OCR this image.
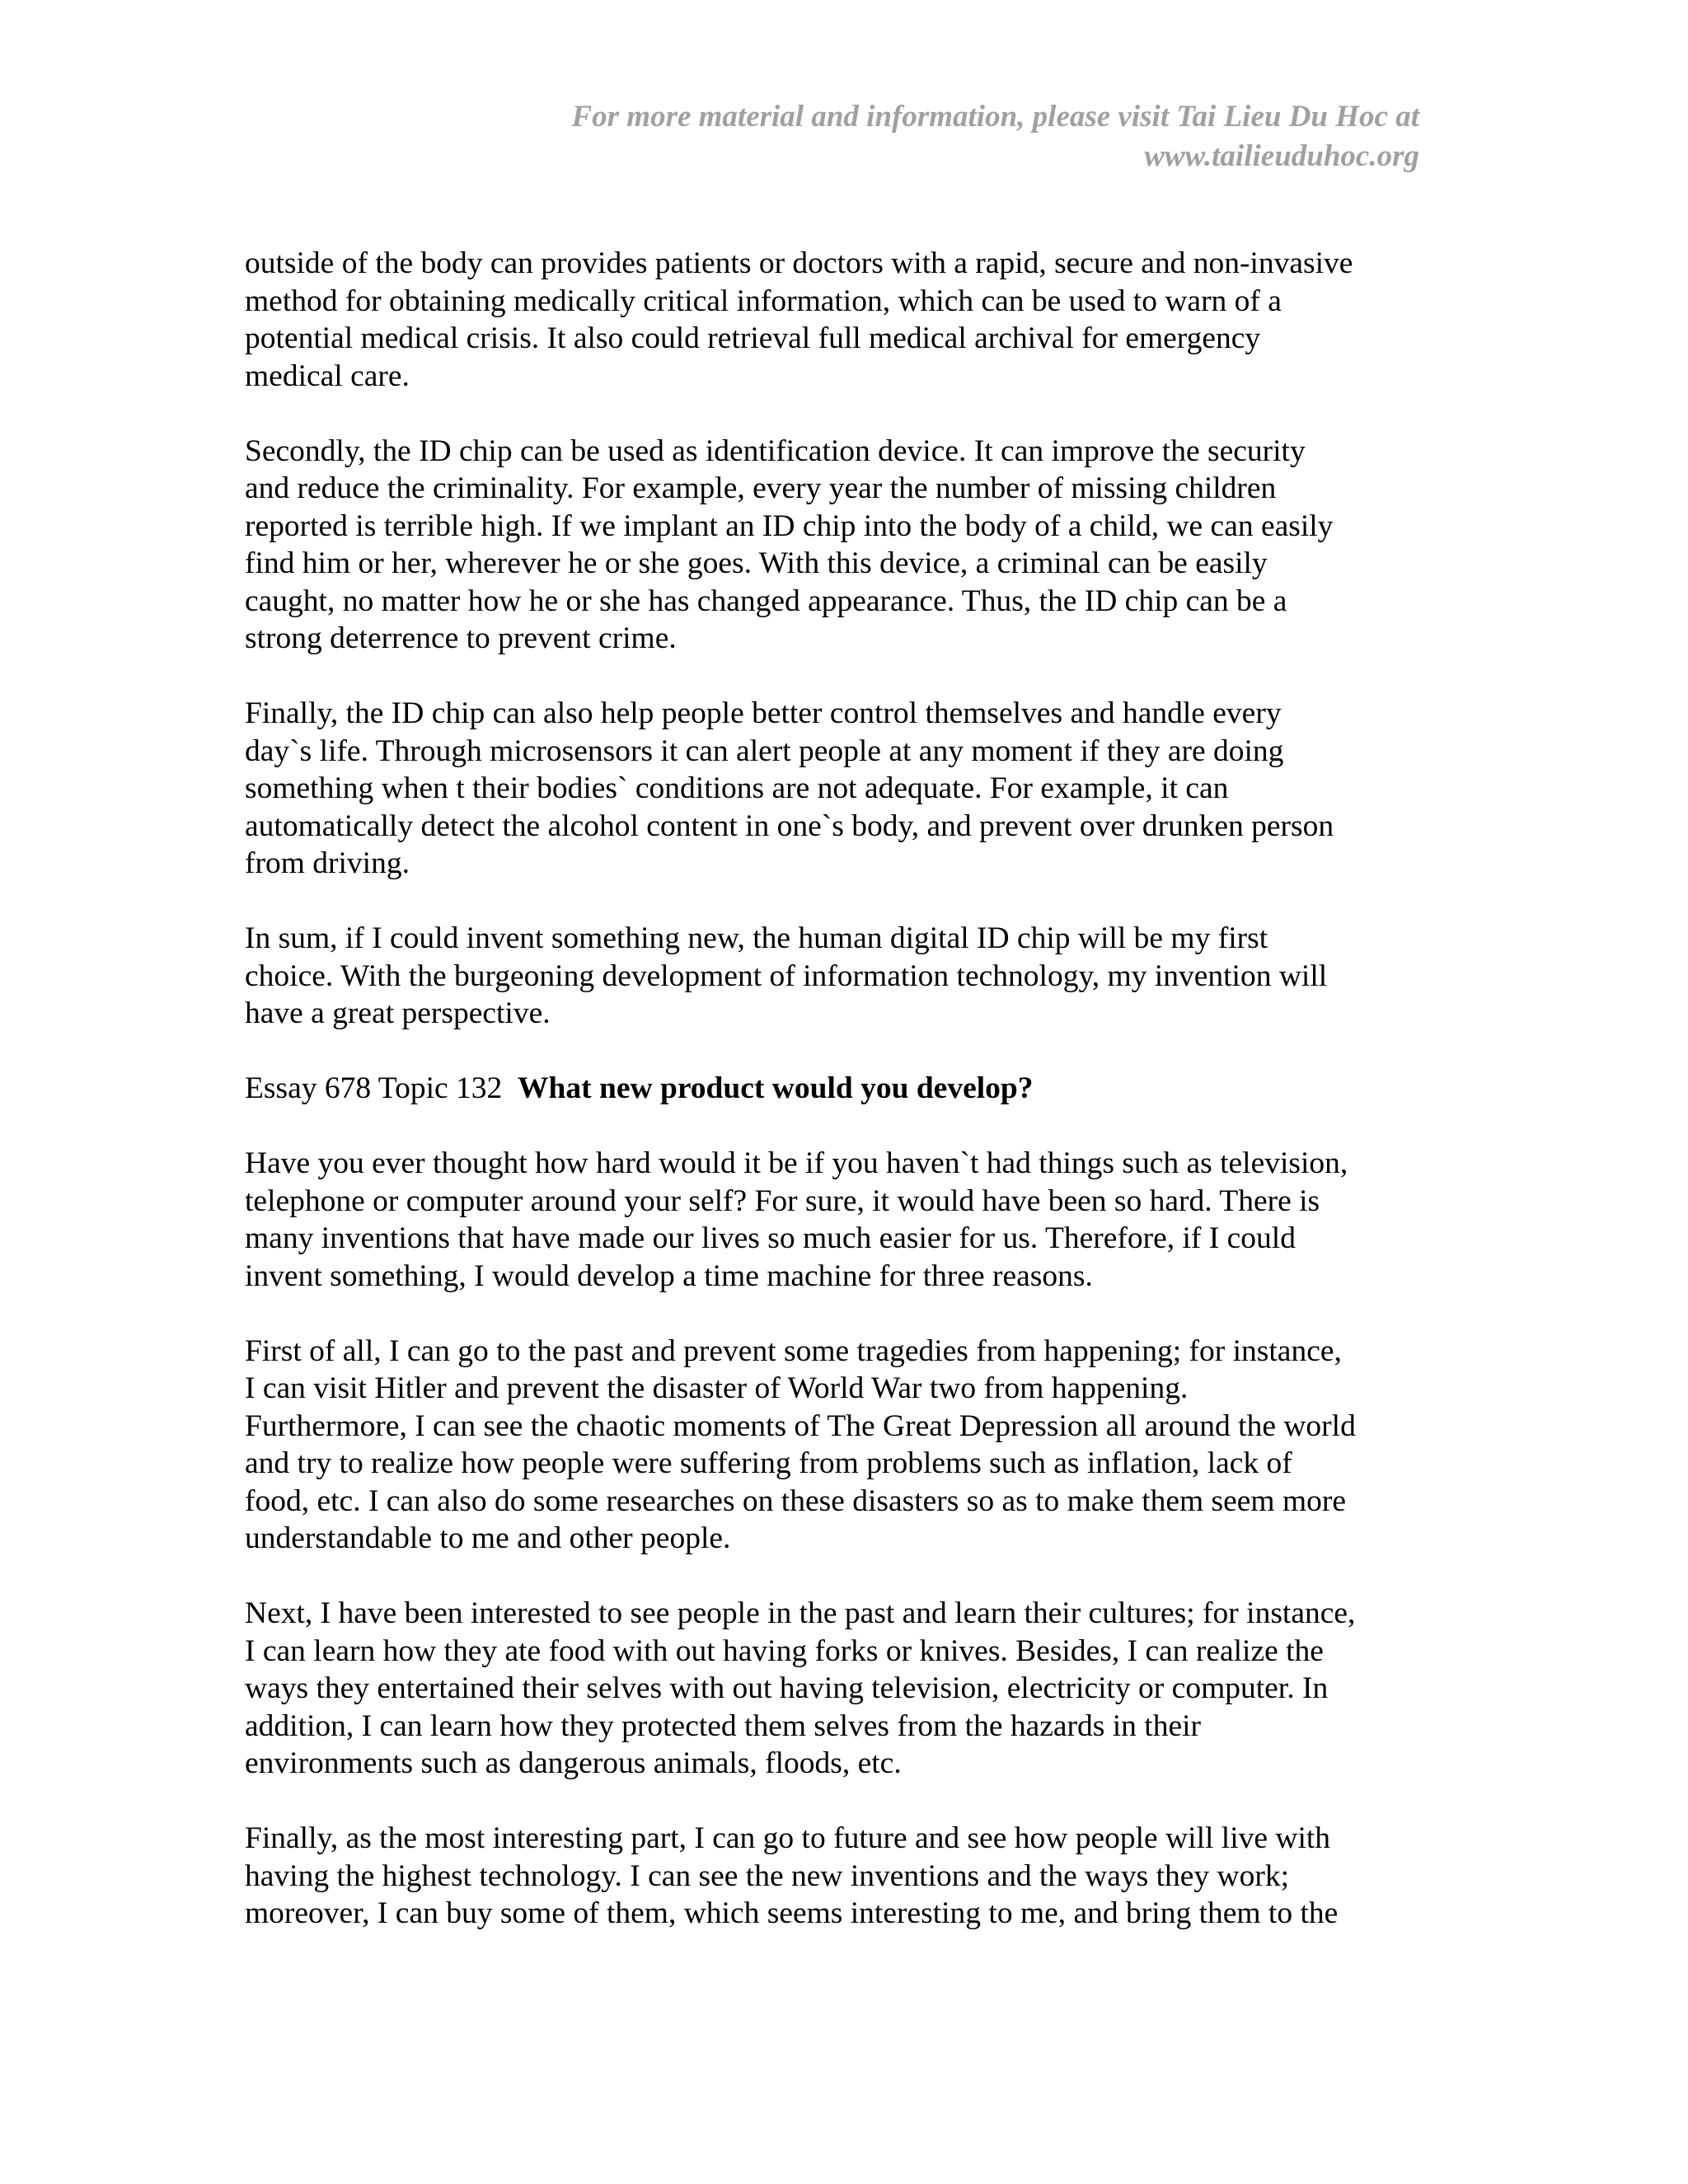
For more material and information, please visit Tai Lieu Du Hoc at
www.tailieuduhoc.org

outside of the body can provides patients or doctors with a rapid, secure and non-invasive
method for obtaining medically critical information, which can be used to warn of a
potential medical crisis. It also could retrieval full medical archival for emergency
medical care.

Secondly, the ID chip can be used as identification device. It can improve the security
and reduce the criminality. For example, every year the number of missing children
reported is terrible high. If we implant an ID chip into the body of a child, we can easily
find him or her, wherever he or she goes. With this device, a criminal can be easily
caught, no matter how he or she has changed appearance. Thus, the ID chip can be a
strong deterrence to prevent crime.

Finally, the ID chip can also help people better control themselves and handle every
day`s life. Through microsensors it can alert people at any moment if they are doing
something when t their bodies` conditions are not adequate. For example, it can
automatically detect the alcohol content in one`s body, and prevent over drunken person
from driving.

In sum, if I could invent something new, the human digital ID chip will be my first
choice. With the burgeoning development of information technology, my invention will
have a great perspective.

Essay 678 Topic 132 What new product would you develop?

Have you ever thought how hard would it be if you haven`t had things such as television,
telephone or computer around your self? For sure, it would have been so hard. There is
many inventions that have made our lives so much easier for us. Therefore, if I could
invent something, I would develop a time machine for three reasons.

First of all, I can go to the past and prevent some tragedies from happening; for instance,
I can visit Hitler and prevent the disaster of World War two from happening.
Furthermore, I can see the chaotic moments of The Great Depression all around the world
and try to realize how people were suffering from problems such as inflation, lack of
food, etc. I can also do some researches on these disasters so as to make them seem more
understandable to me and other people.

Next, I have been interested to see people in the past and learn their cultures; for instance,
I can learn how they ate food with out having forks or knives. Besides, I can realize the
ways they entertained their selves with out having television, electricity or computer. In
addition, I can learn how they protected them selves from the hazards in their
environments such as dangerous animals, floods, etc.

Finally, as the most interesting part, I can go to future and see how people will live with
having the highest technology. I can see the new inventions and the ways they work;
moreover, I can buy some of them, which seems interesting to me, and bring them to the
